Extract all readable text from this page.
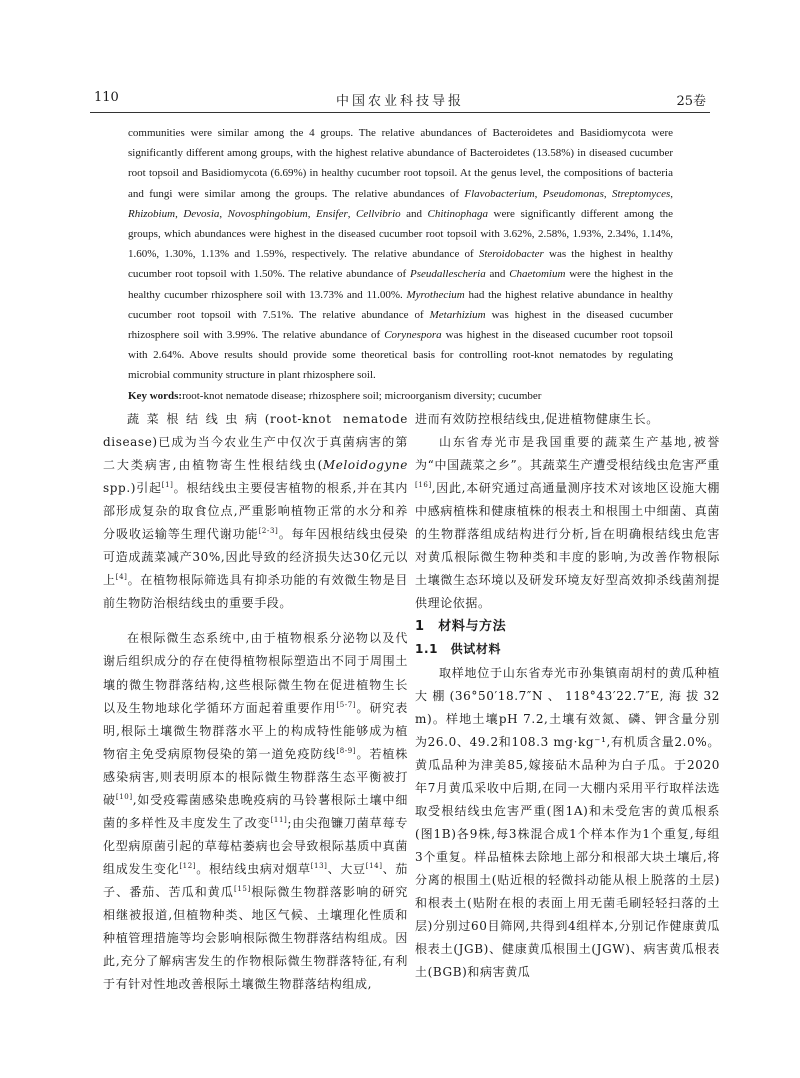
110	中国农业科技导报	25卷

communities were similar among the 4 groups. The relative abundances of Bacteroidetes and Basidiomycota were significantly different among groups, with the highest relative abundance of Bacteroidetes (13.58%) in diseased cucumber root topsoil and Basidiomycota (6.69%) in healthy cucumber root topsoil. At the genus level, the compositions of bacteria and fungi were similar among the groups. The relative abundances of Flavobacterium, Pseudomonas, Streptomyces, Rhizobium, Devosia, Novosphingobium, Ensifer, Cellvibrio and Chitinophaga were significantly different among the groups, which abundances were highest in the diseased cucumber root topsoil with 3.62%, 2.58%, 1.93%, 2.34%, 1.14%, 1.60%, 1.30%, 1.13% and 1.59%, respectively. The relative abundance of Steroidobacter was the highest in healthy cucumber root topsoil with 1.50%. The relative abundance of Pseudallescheria and Chaetomium were the highest in the healthy cucumber rhizosphere soil with 13.73% and 11.00%. Myrothecium had the highest relative abundance in healthy cucumber root topsoil with 7.51%. The relative abundance of Metarhizium was highest in the diseased cucumber rhizosphere soil with 3.99%. The relative abundance of Corynespora was highest in the diseased cucumber root topsoil with 2.64%. Above results should provide some theoretical basis for controlling root-knot nematodes by regulating microbial community structure in plant rhizosphere soil.

Key words:root-knot nematode disease; rhizosphere soil; microorganism diversity; cucumber

蔬菜根结线虫病(root-knot nematode disease)已成为当今农业生产中仅次于真菌病害的第二大类病害,由植物寄生性根结线虫(Meloidogyne spp.)引起[1]。根结线虫主要侵害植物的根系,并在其内部形成复杂的取食位点,严重影响植物正常的水分和养分吸收运输等生理代谢功能[2-3]。每年因根结线虫侵染可造成蔬菜减产30%,因此导致的经济损失达30亿元以上[4]。在植物根际筛选具有抑杀功能的有效微生物是目前生物防治根结线虫的重要手段。

在根际微生态系统中,由于植物根系分泌物以及代谢后组织成分的存在使得植物根际塑造出不同于周围土壤的微生物群落结构,这些根际微生物在促进植物生长以及生物地球化学循环方面起着重要作用[5-7]。研究表明,根际土壤微生物群落水平上的构成特性能够成为植物宿主免受病原物侵染的第一道免疫防线[8-9]。若植株感染病害,则表明原本的根际微生物群落生态平衡被打破[10],如受疫霉菌感染患晚疫病的马铃薯根际土壤中细菌的多样性及丰度发生了改变[11];由尖孢镰刀菌草莓专化型病原菌引起的草莓枯萎病也会导致根际基质中真菌组成发生变化[12]。根结线虫病对烟草[13]、大豆[14]、茄子、番茄、苦瓜和黄瓜[15]根际微生物群落影响的研究相继被报道,但植物种类、地区气候、土壤理化性质和种植管理措施等均会影响根际微生物群落结构组成。因此,充分了解病害发生的作物根际微生物群落特征,有利于有针对性地改善根际土壤微生物群落结构组成,

进而有效防控根结线虫,促进植物健康生长。

山东省寿光市是我国重要的蔬菜生产基地,被誉为“中国蔬菜之乡”。其蔬菜生产遭受根结线虫危害严重[16],因此,本研究通过高通量测序技术对该地区设施大棚中感病植株和健康植株的根表土和根围土中细菌、真菌的生物群落组成结构进行分析,旨在明确根结线虫危害对黄瓜根际微生物种类和丰度的影响,为改善作物根际土壤微生态环境以及研发环境友好型高效抑杀线菌剂提供理论依据。

1　材料与方法

1.1　供试材料

取样地位于山东省寿光市孙集镇南胡村的黄瓜种植大棚(36°50′18.7″N、118°43′22.7″E,海拔32 m)。样地土壤pH 7.2,土壤有效氮、磷、钾含量分别为26.0、49.2和108.3 mg·kg⁻¹,有机质含量2.0%。黄瓜品种为津美85,嫁接砧木品种为白子瓜。于2020年7月黄瓜采收中后期,在同一大棚内采用平行取样法选取受根结线虫危害严重(图1A)和未受危害的黄瓜根系(图1B)各9株,每3株混合成1个样本作为1个重复,每组3个重复。样品植株去除地上部分和根部大块土壤后,将分离的根围土(贴近根的轻微抖动能从根上脱落的土层)和根表土(贴附在根的表面上用无菌毛刷轻轻扫落的土层)分别过60目筛网,共得到4组样本,分别记作健康黄瓜根表土(JGB)、健康黄瓜根围土(JGW)、病害黄瓜根表土(BGB)和病害黄瓜
